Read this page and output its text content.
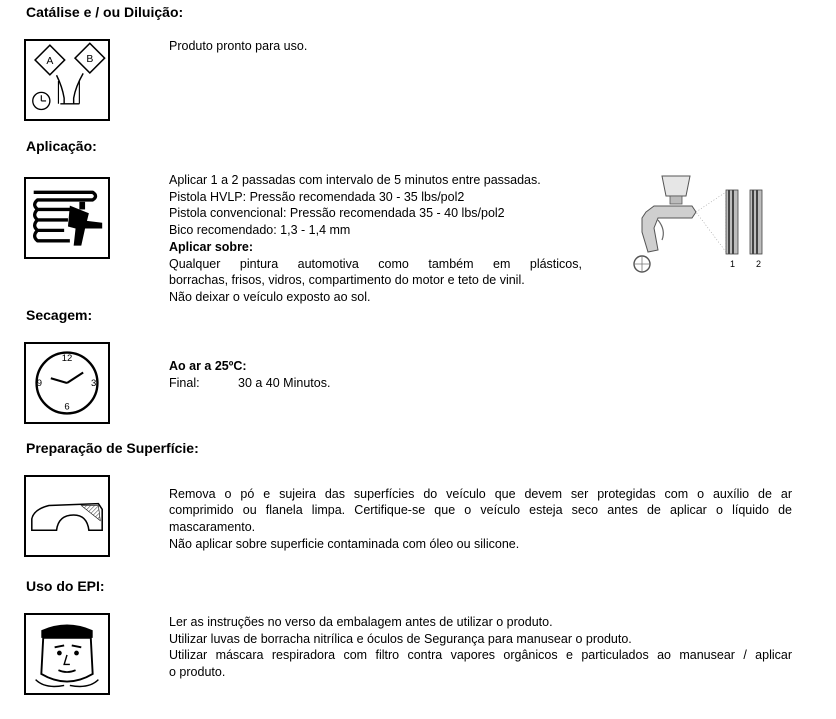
Catálise e / ou Diluição:
A	B
Produto pronto para uso.
Aplicação:
Aplicar 1 a 2 passadas com intervalo de 5 minutos entre passadas.
Pistola HVLP: Pressão recomendada 30 - 35 lbs/pol2
Pistola convencional: Pressão recomendada 35 - 40 lbs/pol2
Bico recomendado: 1,3 - 1,4 mm
Aplicar sobre:
Qualquer pintura automotiva como também em plásticos,
borrachas, frisos, vidros, compartimento do motor e teto de vinil.
Não deixar o veículo exposto ao sol.
1 2
Secagem:
12
3
6
9
Ao ar a 25ºC:
Final:	30 a 40 Minutos.
Preparação de Superfície:
Remova o pó e sujeira das superfícies do veículo que devem ser protegidas com o auxílio de ar
comprimido ou flanela limpa. Certifique-se que o veículo esteja seco antes de aplicar o líquido de
mascaramento.
Não aplicar sobre superficie contaminada com óleo ou silicone.
Uso do EPI:
Ler as instruções no verso da embalagem antes de utilizar o produto.
Utilizar luvas de borracha nitrílica e óculos de Segurança para manusear o produto.
Utilizar máscara respiradora com filtro contra vapores orgânicos e particulados ao manusear / aplicar
o produto.
